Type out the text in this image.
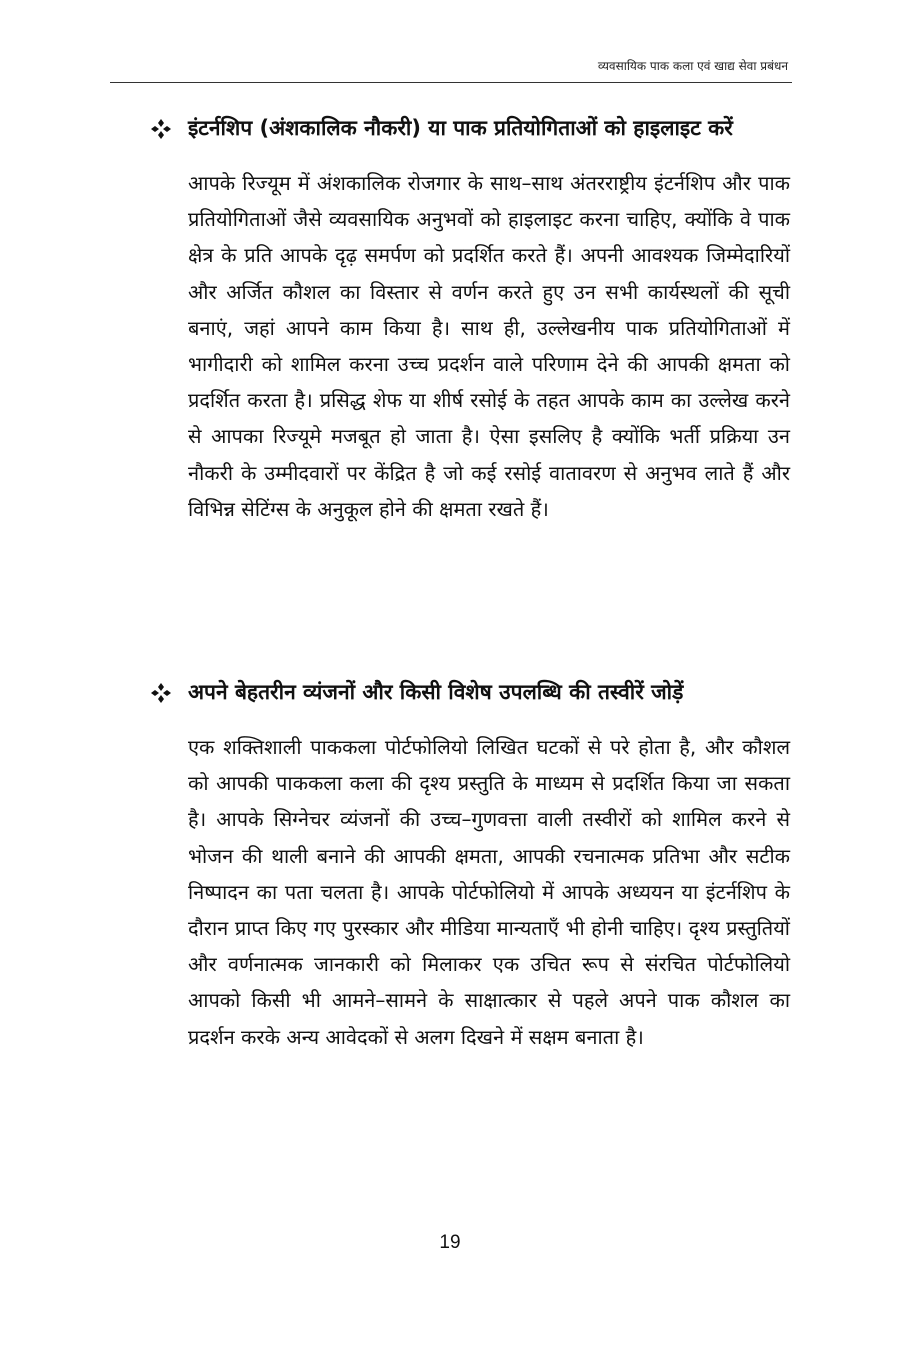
व्यवसायिक पाक कला एवं खाद्य सेवा प्रबंधन
इंटर्नशिप (अंशकालिक नौकरी) या पाक प्रतियोगिताओं को हाइलाइट करें

आपके रिज्यूम में अंशकालिक रोजगार के साथ–साथ अंतरराष्ट्रीय इंटर्नशिप और पाक प्रतियोगिताओं जैसे व्यवसायिक अनुभवों को हाइलाइट करना चाहिए, क्योंकि वे पाक क्षेत्र के प्रति आपके दृढ़ समर्पण को प्रदर्शित करते हैं। अपनी आवश्यक जिम्मेदारियों और अर्जित कौशल का विस्तार से वर्णन करते हुए उन सभी कार्यस्थलों की सूची बनाएं, जहां आपने काम किया है। साथ ही, उल्लेखनीय पाक प्रतियोगिताओं में भागीदारी को शामिल करना उच्च प्रदर्शन वाले परिणाम देने की आपकी क्षमता को प्रदर्शित करता है। प्रसिद्ध शेफ या शीर्ष रसोई के तहत आपके काम का उल्लेख करने से आपका रिज्यूमे मजबूत हो जाता है। ऐसा इसलिए है क्योंकि भर्ती प्रक्रिया उन नौकरी के उम्मीदवारों पर केंद्रित है जो कई रसोई वातावरण से अनुभव लाते हैं और विभिन्न सेटिंग्स के अनुकूल होने की क्षमता रखते हैं।

अपने बेहतरीन व्यंजनों और किसी विशेष उपलब्धि की तस्वीरें जोड़ें

एक शक्तिशाली पाककला पोर्टफोलियो लिखित घटकों से परे होता है, और कौशल को आपकी पाककला कला की दृश्य प्रस्तुति के माध्यम से प्रदर्शित किया जा सकता है। आपके सिग्नेचर व्यंजनों की उच्च–गुणवत्ता वाली तस्वीरों को शामिल करने से भोजन की थाली बनाने की आपकी क्षमता, आपकी रचनात्मक प्रतिभा और सटीक निष्पादन का पता चलता है। आपके पोर्टफोलियो में आपके अध्ययन या इंटर्नशिप के दौरान प्राप्त किए गए पुरस्कार और मीडिया मान्यताएँ भी होनी चाहिए। दृश्य प्रस्तुतियों और वर्णनात्मक जानकारी को मिलाकर एक उचित रूप से संरचित पोर्टफोलियो आपको किसी भी आमने–सामने के साक्षात्कार से पहले अपने पाक कौशल का प्रदर्शन करके अन्य आवेदकों से अलग दिखने में सक्षम बनाता है।

19
